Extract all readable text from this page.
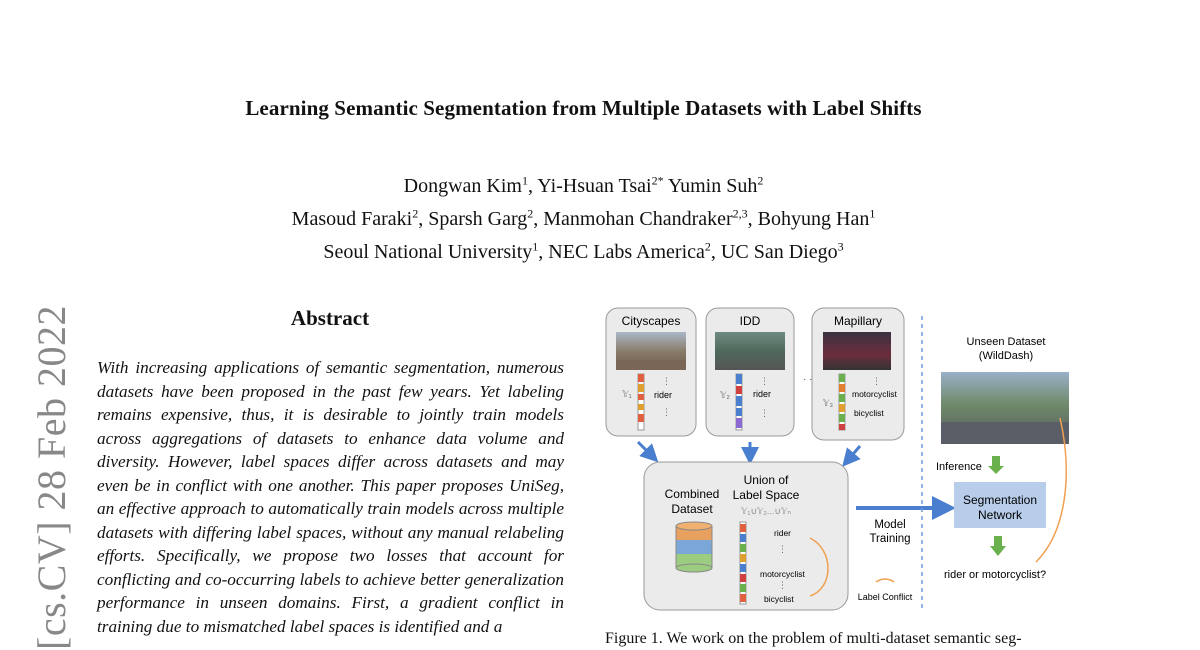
Learning Semantic Segmentation from Multiple Datasets with Label Shifts
Dongwan Kim$^1$, Yi-Hsuan Tsai$^{2*}$ Yumin Suh$^2$
Masoud Faraki$^2$, Sparsh Garg$^2$, Manmohan Chandraker$^{2,3}$, Bohyung Han$^1$
Seoul National University$^1$, NEC Labs America$^2$, UC San Diego$^3$
[cs.CV] 28 Feb 2022	Abstract

With increasing applications of semantic segmentation, numerous datasets have been proposed in the past few years. Yet labeling remains expensive, thus, it is desirable to jointly train models across aggregations of datasets to enhance data volume and diversity. However, label spaces differ across datasets and may even be in conflict with one another. This paper proposes UniSeg, an effective approach to automatically train models across multiple datasets with differing label spaces, without any manual relabeling efforts. Specifically, we propose two losses that account for conflicting and co-occurring labels to achieve better generalization performance in unseen domains. First, a gradient conflict in training due to mismatched label spaces is identified and a

Cityscapes
𝕐₁
⋮
rider
⋮
IDD
𝕐₂
⋮
rider
⋮
· ·
Mapillary
𝕐₃
⋮
motorcyclist
bicyclist
Combined Dataset
Union of Label Space
𝕐₁∪𝕐₂...∪𝕐ₙ
rider
⋮
motorcyclist
⋮
bicyclist
Model Training
Label Conflict
Unseen Dataset (WildDash)
Inference
Segmentation Network
rider or motorcyclist?
Figure 1. We work on the problem of multi-dataset semantic seg-
